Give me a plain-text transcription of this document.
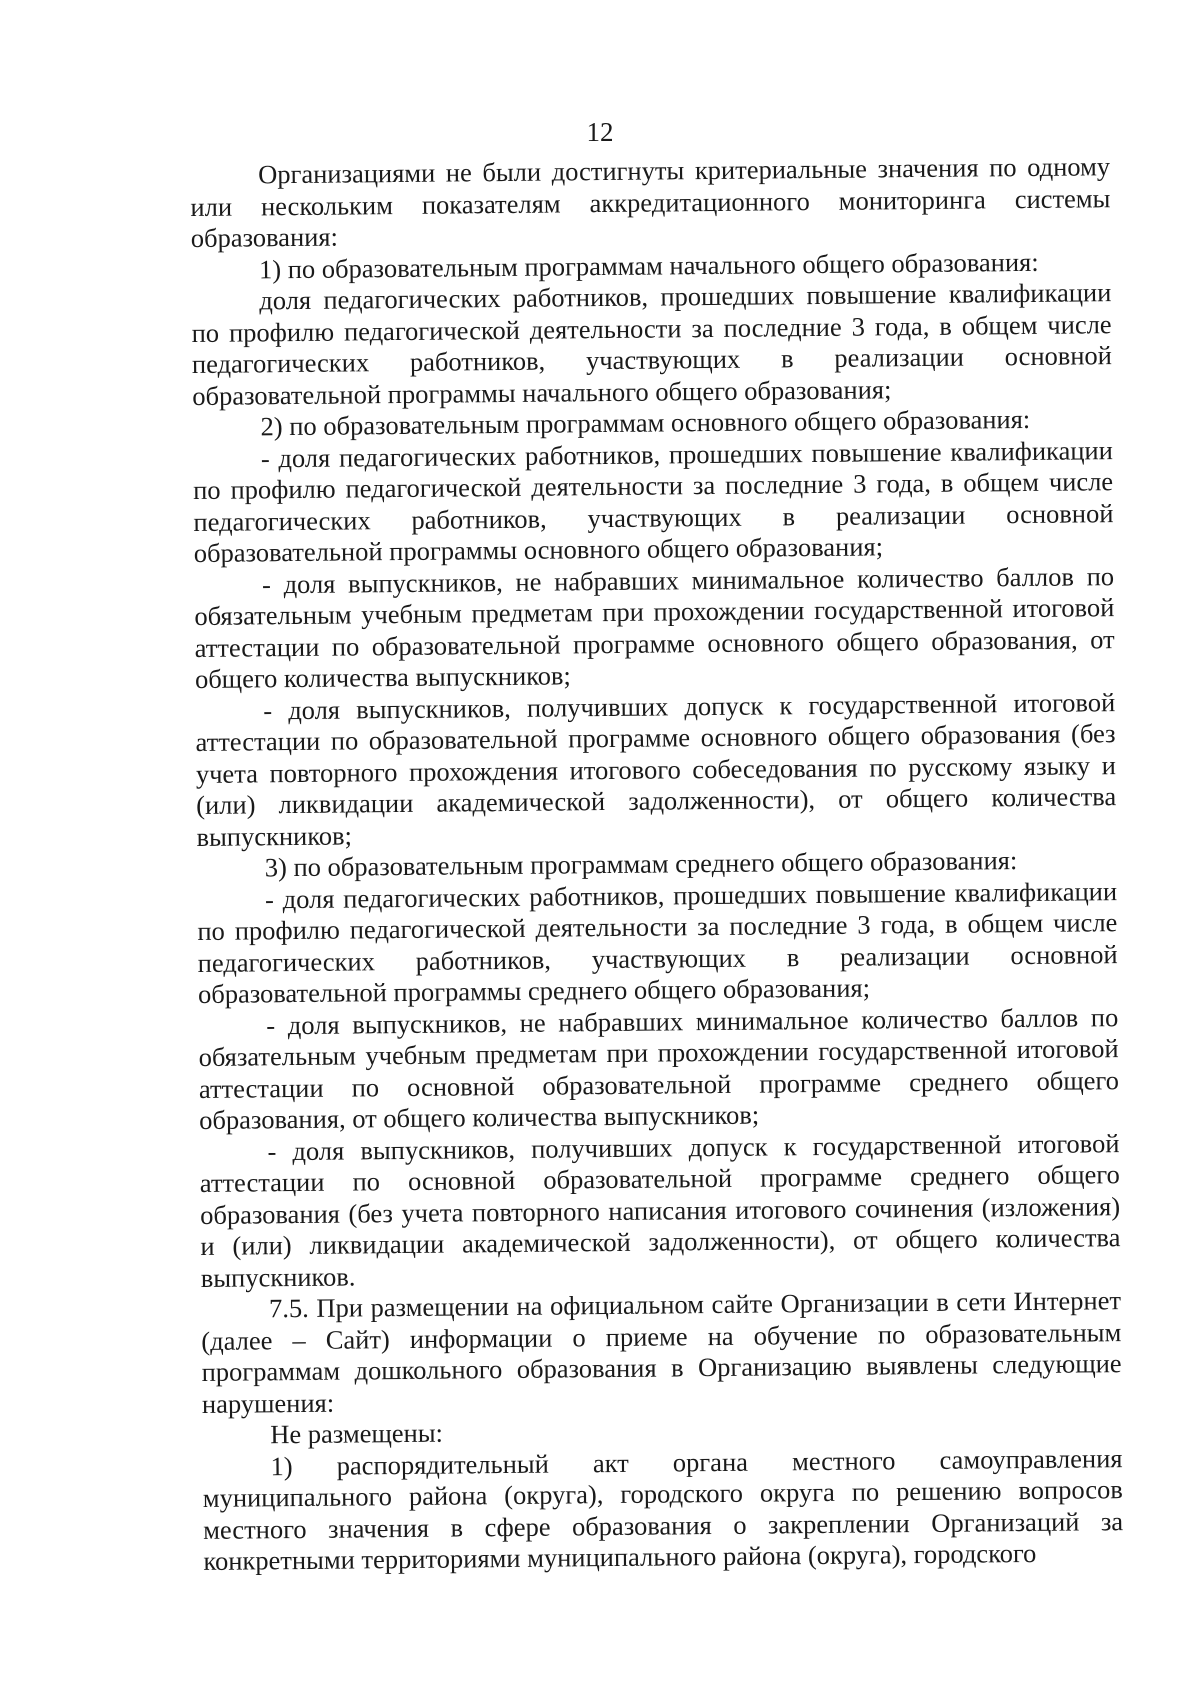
12

Организациями не были достигнуты критериальные значения по одному или нескольким показателям аккредитационного мониторинга системы образования:

1) по образовательным программам начального общего образования:

доля педагогических работников, прошедших повышение квалификации по профилю педагогической деятельности за последние 3 года, в общем числе педагогических работников, участвующих в реализации основной образовательной программы начального общего образования;

2) по образовательным программам основного общего образования:

- доля педагогических работников, прошедших повышение квалификации по профилю педагогической деятельности за последние 3 года, в общем числе педагогических работников, участвующих в реализации основной образовательной программы основного общего образования;

- доля выпускников, не набравших минимальное количество баллов по обязательным учебным предметам при прохождении государственной итоговой аттестации по образовательной программе основного общего образования, от общего количества выпускников;

- доля выпускников, получивших допуск к государственной итоговой аттестации по образовательной программе основного общего образования (без учета повторного прохождения итогового собеседования по русскому языку и (или) ликвидации академической задолженности), от общего количества выпускников;

3) по образовательным программам среднего общего образования:

- доля педагогических работников, прошедших повышение квалификации по профилю педагогической деятельности за последние 3 года, в общем числе педагогических работников, участвующих в реализации основной образовательной программы среднего общего образования;

- доля выпускников, не набравших минимальное количество баллов по обязательным учебным предметам при прохождении государственной итоговой аттестации по основной образовательной программе среднего общего образования, от общего количества выпускников;

- доля выпускников, получивших допуск к государственной итоговой аттестации по основной образовательной программе среднего общего образования (без учета повторного написания итогового сочинения (изложения) и (или) ликвидации академической задолженности), от общего количества выпускников.

7.5. При размещении на официальном сайте Организации в сети Интернет (далее – Сайт) информации о приеме на обучение по образовательным программам дошкольного образования в Организацию выявлены следующие нарушения:

Не размещены:

1) распорядительный акт органа местного самоуправления муниципального района (округа), городского округа по решению вопросов местного значения в сфере образования о закреплении Организаций за конкретными территориями муниципального района (округа), городского
